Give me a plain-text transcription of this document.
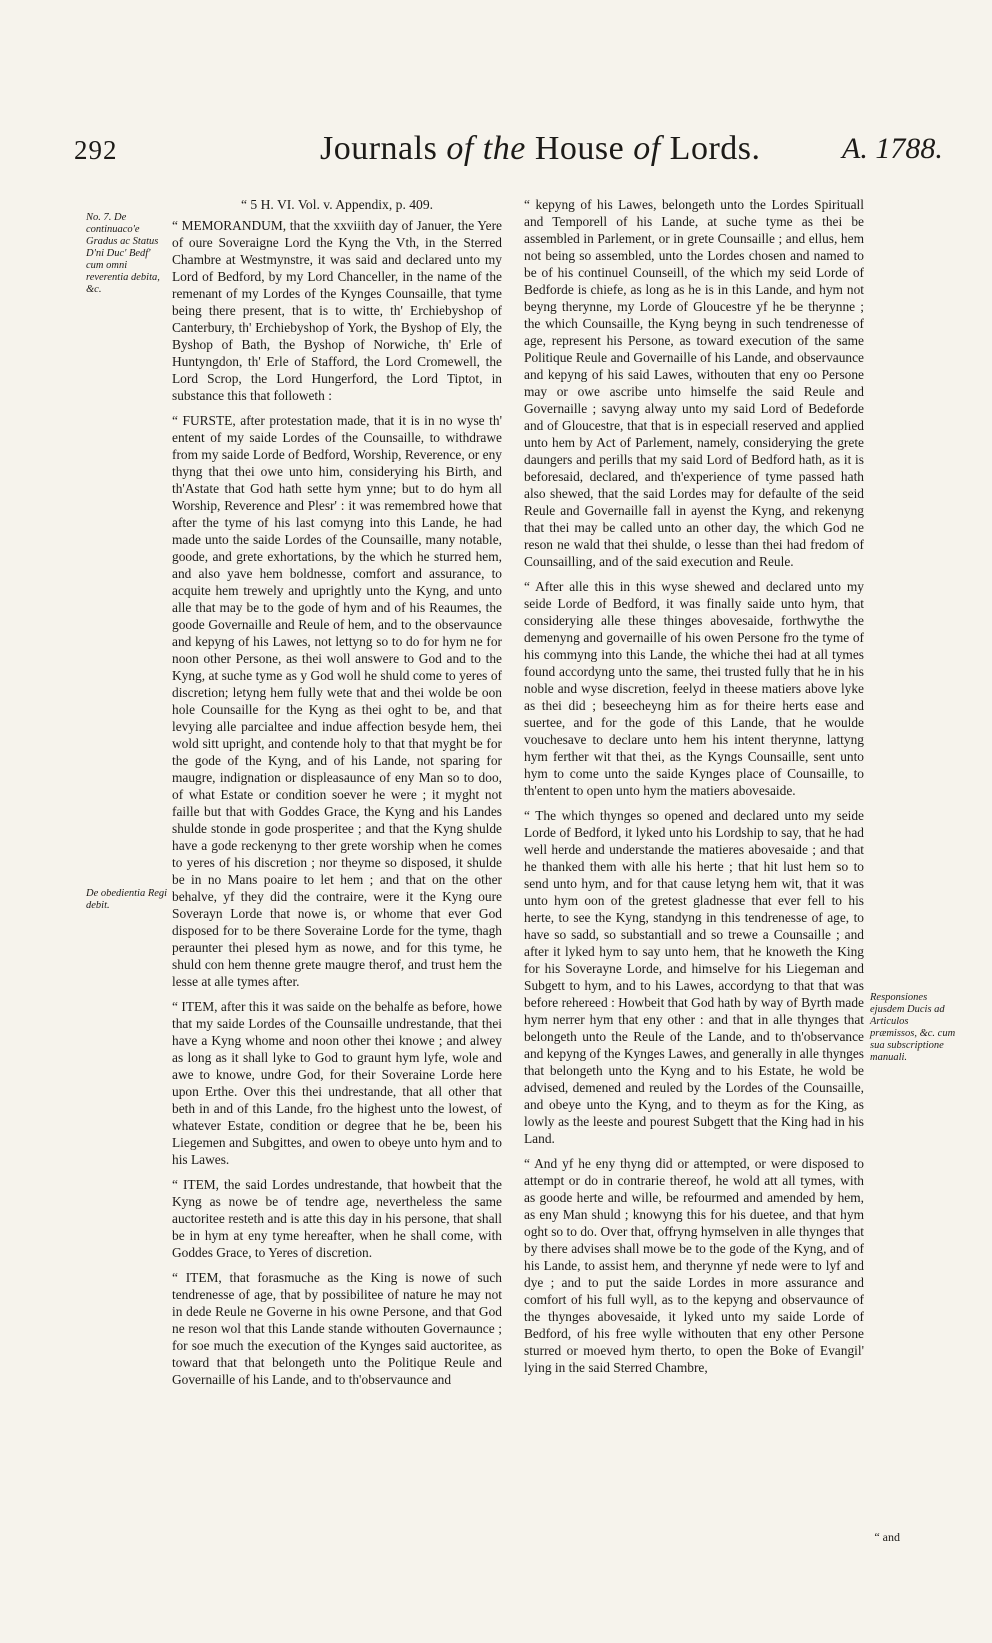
292	Journals of the House of Lords.	A. 1788.
No. 7. De continuaco'e Gradus ac Status D'ni Duc' Bedf' cum omni reverentia debita, &c.
De obedientia Regi debit.
Responsiones ejusdem Ducis ad Articulos præmissos, &c. cum sua subscriptione manuali.
“ 5 H. VI. Vol. v. Appendix, p. 409.

“ MEMORANDUM, that the xxviiith day of Januer, the Yere of oure Soveraigne Lord the Kyng the Vth, in the Sterred Chambre at Westmynstre, it was said and declared unto my Lord of Bedford, by my Lord Chanceller, in the name of the remenant of my Lordes of the Kynges Counsaille, that tyme being there present, that is to witte, th' Erchiebyshop of Canterbury, th' Erchiebyshop of York, the Byshop of Ely, the Byshop of Bath, the Byshop of Norwiche, th' Erle of Huntyngdon, th' Erle of Stafford, the Lord Cromewell, the Lord Scrop, the Lord Hungerford, the Lord Tiptot, in substance this that followeth :

“ FURSTE, after protestation made, that it is in no wyse th' entent of my saide Lordes of the Counsaille, to withdrawe from my saide Lorde of Bedford, Worship, Reverence, or eny thyng that thei owe unto him, considerying his Birth, and th'Astate that God hath sette hym ynne; but to do hym all Worship, Reverence and Plesr' : it was remembred howe that after the tyme of his last comyng into this Lande, he had made unto the saide Lordes of the Counsaille, many notable, goode, and grete exhortations, by the which he sturred hem, and also yave hem boldnesse, comfort and assurance, to acquite hem trewely and uprightly unto the Kyng, and unto alle that may be to the gode of hym and of his Reaumes, the goode Governaille and Reule of hem, and to the observaunce and kepyng of his Lawes, not lettyng so to do for hym ne for noon other Persone, as thei woll answere to God and to the Kyng, at suche tyme as y God woll he shuld come to yeres of discretion; letyng hem fully wete that and thei wolde be oon hole Counsaille for the Kyng as thei oght to be, and that levying alle parcialtee and indue affection besyde hem, thei wold sitt upright, and contende holy to that that myght be for the gode of the Kyng, and of his Lande, not sparing for maugre, indignation or displeasaunce of eny Man so to doo, of what Estate or condition soever he were ; it myght not faille but that with Goddes Grace, the Kyng and his Landes shulde stonde in gode prosperitee ; and that the Kyng shulde have a gode reckenyng to ther grete worship when he comes to yeres of his discretion ; nor theyme so disposed, it shulde be in no Mans poaire to let hem ; and that on the other behalve, yf they did the contraire, were it the Kyng oure Soverayn Lorde that nowe is, or whome that ever God disposed for to be there Soveraine Lorde for the tyme, thagh peraunter thei plesed hym as nowe, and for this tyme, he shuld con hem thenne grete maugre therof, and trust hem the lesse at alle tymes after.

“ ITEM, after this it was saide on the behalfe as before, howe that my saide Lordes of the Counsaille undrestande, that thei have a Kyng whome and noon other thei knowe ; and alwey as long as it shall lyke to God to graunt hym lyfe, wole and awe to knowe, undre God, for their Soveraine Lorde here upon Erthe. Over this thei undrestande, that all other that beth in and of this Lande, fro the highest unto the lowest, of whatever Estate, condition or degree that he be, been his Liegemen and Subgittes, and owen to obeye unto hym and to his Lawes.

“ ITEM, the said Lordes undrestande, that howbeit that the Kyng as nowe be of tendre age, nevertheless the same auctoritee resteth and is atte this day in his persone, that shall be in hym at eny tyme hereafter, when he shall come, with Goddes Grace, to Yeres of discretion.

“ ITEM, that forasmuche as the King is nowe of such tendrenesse of age, that by possibilitee of nature he may not in dede Reule ne Governe in his owne Persone, and that God ne reson wol that this Lande stande withouten Governaunce ; for soe much the execution of the Kynges said auctoritee, as toward that that belongeth unto the Politique Reule and Governaille of his Lande, and to th'observaunce and

“ kepyng of his Lawes, belongeth unto the Lordes Spirituall and Temporell of his Lande, at suche tyme as thei be assembled in Parlement, or in grete Counsaille ; and ellus, hem not being so assembled, unto the Lordes chosen and named to be of his continuel Counseill, of the which my seid Lorde of Bedforde is chiefe, as long as he is in this Lande, and hym not beyng therynne, my Lorde of Gloucestre yf he be therynne ; the which Counsaille, the Kyng beyng in such tendrenesse of age, represent his Persone, as toward execution of the same Politique Reule and Governaille of his Lande, and observaunce and kepyng of his said Lawes, withouten that eny oo Persone may or owe ascribe unto himselfe the said Reule and Governaille ; savyng alway unto my said Lord of Bedeforde and of Gloucestre, that that is in especiall reserved and applied unto hem by Act of Parlement, namely, considerying the grete daungers and perills that my said Lord of Bedford hath, as it is beforesaid, declared, and th'experience of tyme passed hath also shewed, that the said Lordes may for defaulte of the seid Reule and Governaille fall in ayenst the Kyng, and rekenyng that thei may be called unto an other day, the which God ne reson ne wald that thei shulde, o lesse than thei had fredom of Counsailling, and of the said execution and Reule.

“ After alle this in this wyse shewed and declared unto my seide Lorde of Bedford, it was finally saide unto hym, that considerying alle these thinges abovesaide, forthwythe the demenyng and governaille of his owen Persone fro the tyme of his commyng into this Lande, the whiche thei had at all tymes found accordyng unto the same, thei trusted fully that he in his noble and wyse discretion, feelyd in theese matiers above lyke as thei did ; beseecheyng him as for theire herts ease and suertee, and for the gode of this Lande, that he woulde vouchesave to declare unto hem his intent therynne, lattyng hym ferther wit that thei, as the Kyngs Counsaille, sent unto hym to come unto the saide Kynges place of Counsaille, to th'entent to open unto hym the matiers abovesaide.

“ The which thynges so opened and declared unto my seide Lorde of Bedford, it lyked unto his Lordship to say, that he had well herde and understande the matieres abovesaide ; and that he thanked them with alle his herte ; that hit lust hem so to send unto hym, and for that cause letyng hem wit, that it was unto hym oon of the gretest gladnesse that ever fell to his herte, to see the Kyng, standyng in this tendrenesse of age, to have so sadd, so substantiall and so trewe a Counsaille ; and after it lyked hym to say unto hem, that he knoweth the King for his Soverayne Lorde, and himselve for his Liegeman and Subgett to hym, and to his Lawes, accordyng to that that was before rehereed : Howbeit that God hath by way of Byrth made hym nerrer hym that eny other : and that in alle thynges that belongeth unto the Reule of the Lande, and to th'observance and kepyng of the Kynges Lawes, and generally in alle thynges that belongeth unto the Kyng and to his Estate, he wold be advised, demened and reuled by the Lordes of the Counsaille, and obeye unto the Kyng, and to theym as for the King, as lowly as the leeste and pourest Subgett that the King had in his Land.

“ And yf he eny thyng did or attempted, or were disposed to attempt or do in contrarie thereof, he wold att all tymes, with as goode herte and wille, be refourmed and amended by hem, as eny Man shuld ; knowyng this for his duetee, and that hym oght so to do. Over that, offryng hymselven in alle thynges that by there advises shall mowe be to the gode of the Kyng, and of his Lande, to assist hem, and therynne yf nede were to lyf and dye ; and to put the saide Lordes in more assurance and comfort of his full wyll, as to the kepyng and observaunce of the thynges abovesaide, it lyked unto my saide Lorde of Bedford, of his free wylle withouten that eny other Persone sturred or moeved hym therto, to open the Boke of Evangil' lying in the said Sterred Chambre,

“ and
